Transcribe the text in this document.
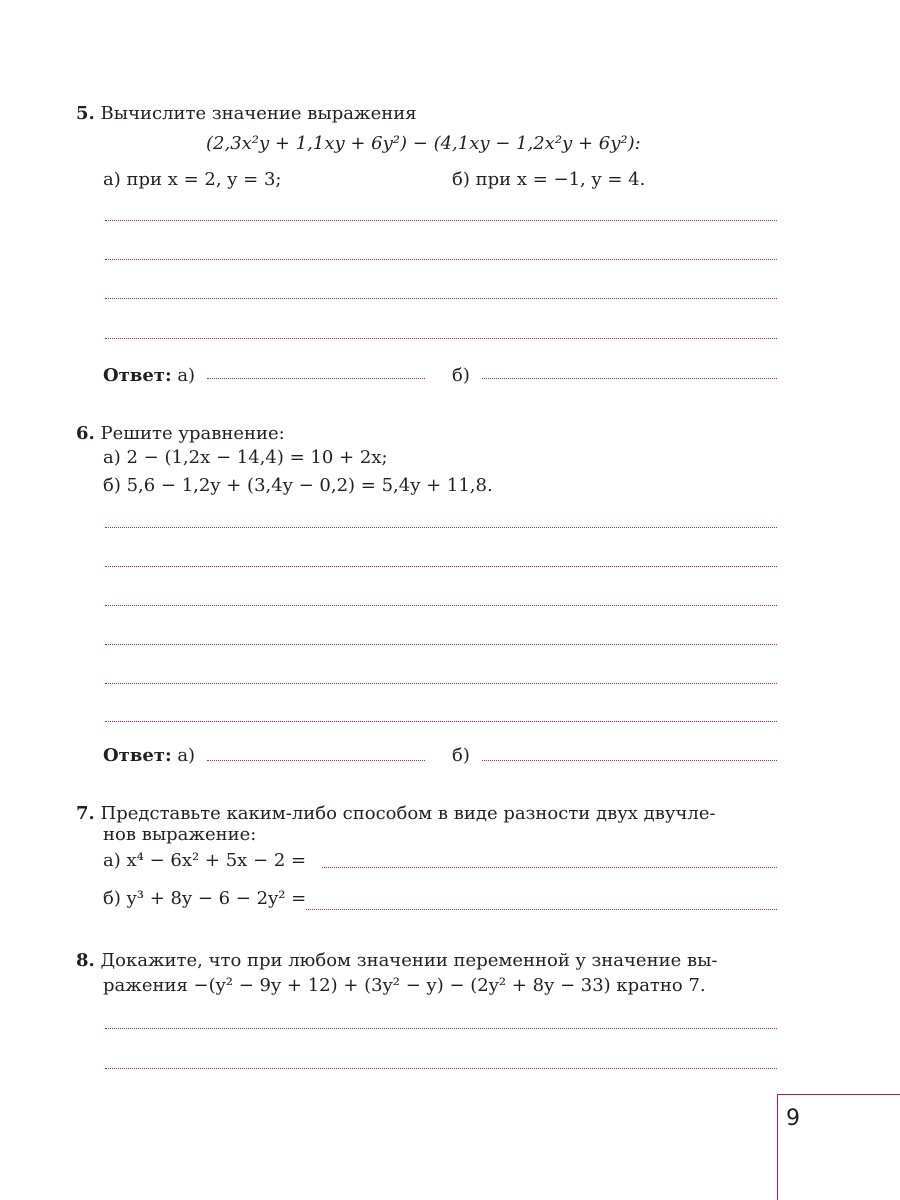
5. Вычислите значение выражения
(2,3x²y + 1,1xy + 6y²) − (4,1xy − 1,2x²y + 6y²):
а) при x = 2, y = 3;	б) при x = −1, y = 4.
Ответ: а)	б)
6. Решите уравнение:
а) 2 − (1,2x − 14,4) = 10 + 2x;
б) 5,6 − 1,2y + (3,4y − 0,2) = 5,4y + 11,8.
Ответ: а)	б)
7. Представьте каким-либо способом в виде разности двух двучле-
нов выражение:
а) x⁴ − 6x² + 5x − 2 =
б) y³ + 8y − 6 − 2y² =
8. Докажите, что при любом значении переменной y значение вы-
ражения −(y² − 9y + 12) + (3y² − y) − (2y² + 8y − 33) кратно 7.
9
